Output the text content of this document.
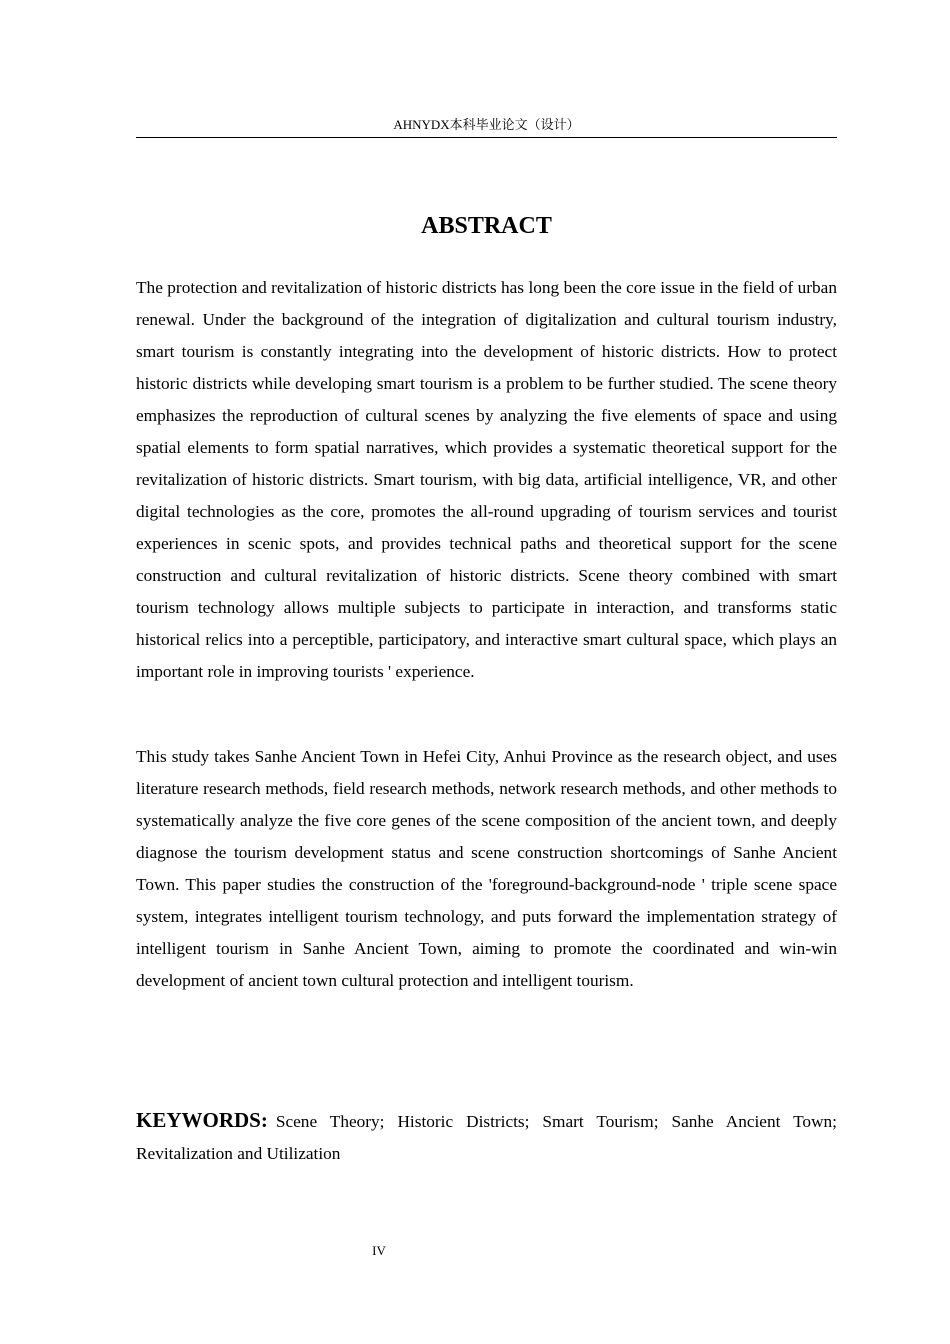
AHNYDX本科毕业论文（设计）
ABSTRACT

The protection and revitalization of historic districts has long been the core issue in the field of urban renewal. Under the background of the integration of digitalization and cultural tourism industry, smart tourism is constantly integrating into the development of historic districts. How to protect historic districts while developing smart tourism is a problem to be further studied. The scene theory emphasizes the reproduction of cultural scenes by analyzing the five elements of space and using spatial elements to form spatial narratives, which provides a systematic theoretical support for the revitalization of historic districts. Smart tourism, with big data, artificial intelligence, VR, and other digital technologies as the core, promotes the all-round upgrading of tourism services and tourist experiences in scenic spots, and provides technical paths and theoretical support for the scene construction and cultural revitalization of historic districts. Scene theory combined with smart tourism technology allows multiple subjects to participate in interaction, and transforms static historical relics into a perceptible, participatory, and interactive smart cultural space, which plays an important role in improving tourists ' experience.

This study takes Sanhe Ancient Town in Hefei City, Anhui Province as the research object, and uses literature research methods, field research methods, network research methods, and other methods to systematically analyze the five core genes of the scene composition of the ancient town, and deeply diagnose the tourism development status and scene construction shortcomings of Sanhe Ancient Town. This paper studies the construction of the 'foreground-background-node ' triple scene space system, integrates intelligent tourism technology, and puts forward the implementation strategy of intelligent tourism in Sanhe Ancient Town, aiming to promote the coordinated and win-win development of ancient town cultural protection and intelligent tourism.

KEYWORDS: Scene Theory; Historic Districts; Smart Tourism; Sanhe Ancient Town; Revitalization and Utilization

IV
